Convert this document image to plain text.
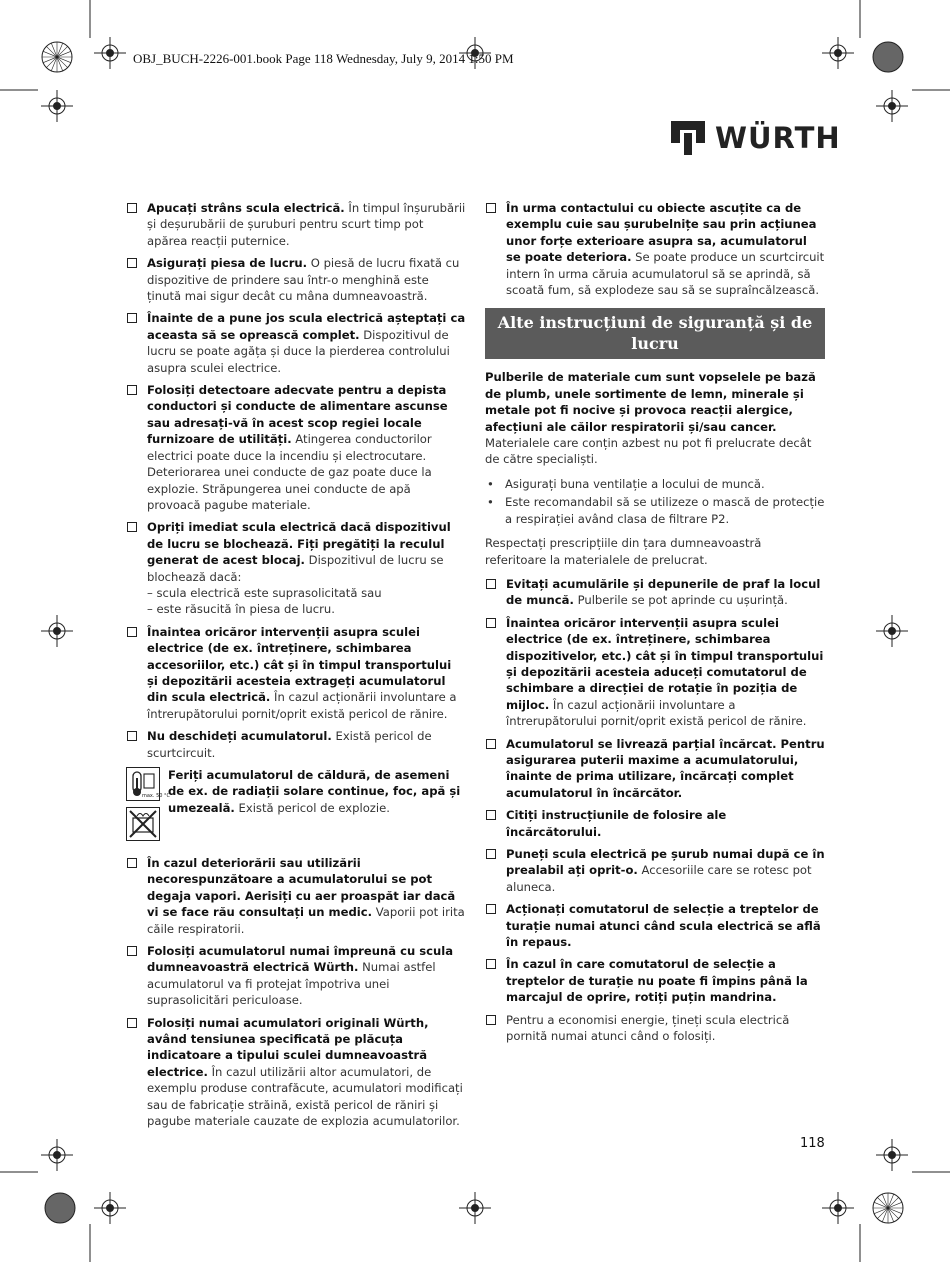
OBJ_BUCH-2226-001.book Page 118 Wednesday, July 9, 2014 1:50 PM
WÜRTH
Apucați strâns scula electrică. În timpul înșurubării și deșurubării de șuruburi pentru scurt timp pot apărea reacții puternice.
Asigurați piesa de lucru. O piesă de lucru fixată cu dispozitive de prindere sau într-o menghină este ținută mai sigur decât cu mâna dumneavoastră.
Înainte de a pune jos scula electrică așteptați ca aceasta să se oprească complet. Dispozitivul de lucru se poate agăța și duce la pierderea controlului asupra sculei electrice.
Folosiți detectoare adecvate pentru a depista conductori și conducte de alimentare ascunse sau adresați-vă în acest scop regiei locale furnizoare de utilități. Atingerea conductorilor electrici poate duce la incendiu și electrocutare. Deteriorarea unei conducte de gaz poate duce la explozie. Străpungerea unei conducte de apă provoacă pagube materiale.
Opriți imediat scula electrică dacă dispozitivul de lucru se blochează. Fiți pregătiți la reculul generat de acest blocaj. Dispozitivul de lucru se blochează dacă:
– scula electrică este suprasolicitată sau
– este răsucită în piesa de lucru.
Înaintea oricăror intervenții asupra sculei electrice (de ex. întreținere, schimbarea accesoriilor, etc.) cât și în timpul transportului și depozitării acesteia extrageți acumulatorul din scula electrică. În cazul acționării involuntare a întrerupătorului pornit/oprit există pericol de rănire.
Nu deschideți acumulatorul. Există pericol de scurtcircuit.
max. 50 °C
Feriți acumulatorul de căldură, de asemeni de ex. de radiații solare continue, foc, apă și umezeală. Există pericol de explozie.
În cazul deteriorării sau utilizării necorespunzătoare a acumulatorului se pot degaja vapori. Aerisiți cu aer proaspăt iar dacă vi se face rău consultați un medic. Vaporii pot irita căile respiratorii.
Folosiți acumulatorul numai împreună cu scula dumneavoastră electrică Würth. Numai astfel acumulatorul va fi protejat împotriva unei suprasolicitări periculoase.
Folosiți numai acumulatori originali Würth, având tensiunea specificată pe plăcuța indicatoare a tipului sculei dumneavoastră electrice. În cazul utilizării altor acumulatori, de exemplu produse contrafăcute, acumulatori modificați sau de fabricație străină, există pericol de răniri și pagube materiale cauzate de explozia acumulatorilor.
În urma contactului cu obiecte ascuțite ca de exemplu cuie sau șurubelnițe sau prin acțiunea unor forțe exterioare asupra sa, acumulatorul se poate deteriora. Se poate produce un scurtcircuit intern în urma căruia acumulatorul să se aprindă, să scoată fum, să explodeze sau să se supraîncălzească.
Alte instrucțiuni de siguranță și de lucru

Pulberile de materiale cum sunt vopselele pe bază de plumb, unele sortimente de lemn, minerale și metale pot fi nocive și provoca reacții alergice, afecțiuni ale căilor respiratorii și/sau cancer. Materialele care conțin azbest nu pot fi prelucrate decât de către specialiști.

• Asigurați buna ventilație a locului de muncă.
• Este recomandabil să se utilizeze o mască de protecție a respirației având clasa de filtrare P2.

Respectați prescripțiile din țara dumneavoastră referitoare la materialele de prelucrat.

Evitați acumulările și depunerile de praf la locul de muncă. Pulberile se pot aprinde cu ușurință.
Înaintea oricăror intervenții asupra sculei electrice (de ex. întreținere, schimbarea dispozitivelor, etc.) cât și în timpul transportului și depozitării acesteia aduceți comutatorul de schimbare a direcției de rotație în poziția de mijloc. În cazul acționării involuntare a întrerupătorului pornit/oprit există pericol de rănire.
Acumulatorul se livrează parțial încărcat. Pentru asigurarea puterii maxime a acumulatorului, înainte de prima utilizare, încărcați complet acumulatorul în încărcător.
Citiți instrucțiunile de folosire ale încărcătorului.
Puneți scula electrică pe șurub numai după ce în prealabil ați oprit-o. Accesoriile care se rotesc pot aluneca.
Acționați comutatorul de selecție a treptelor de turație numai atunci când scula electrică se află în repaus.
În cazul în care comutatorul de selecție a treptelor de turație nu poate fi împins până la marcajul de oprire, rotiți puțin mandrina.
Pentru a economisi energie, țineți scula electrică pornită numai atunci când o folosiți.
118
